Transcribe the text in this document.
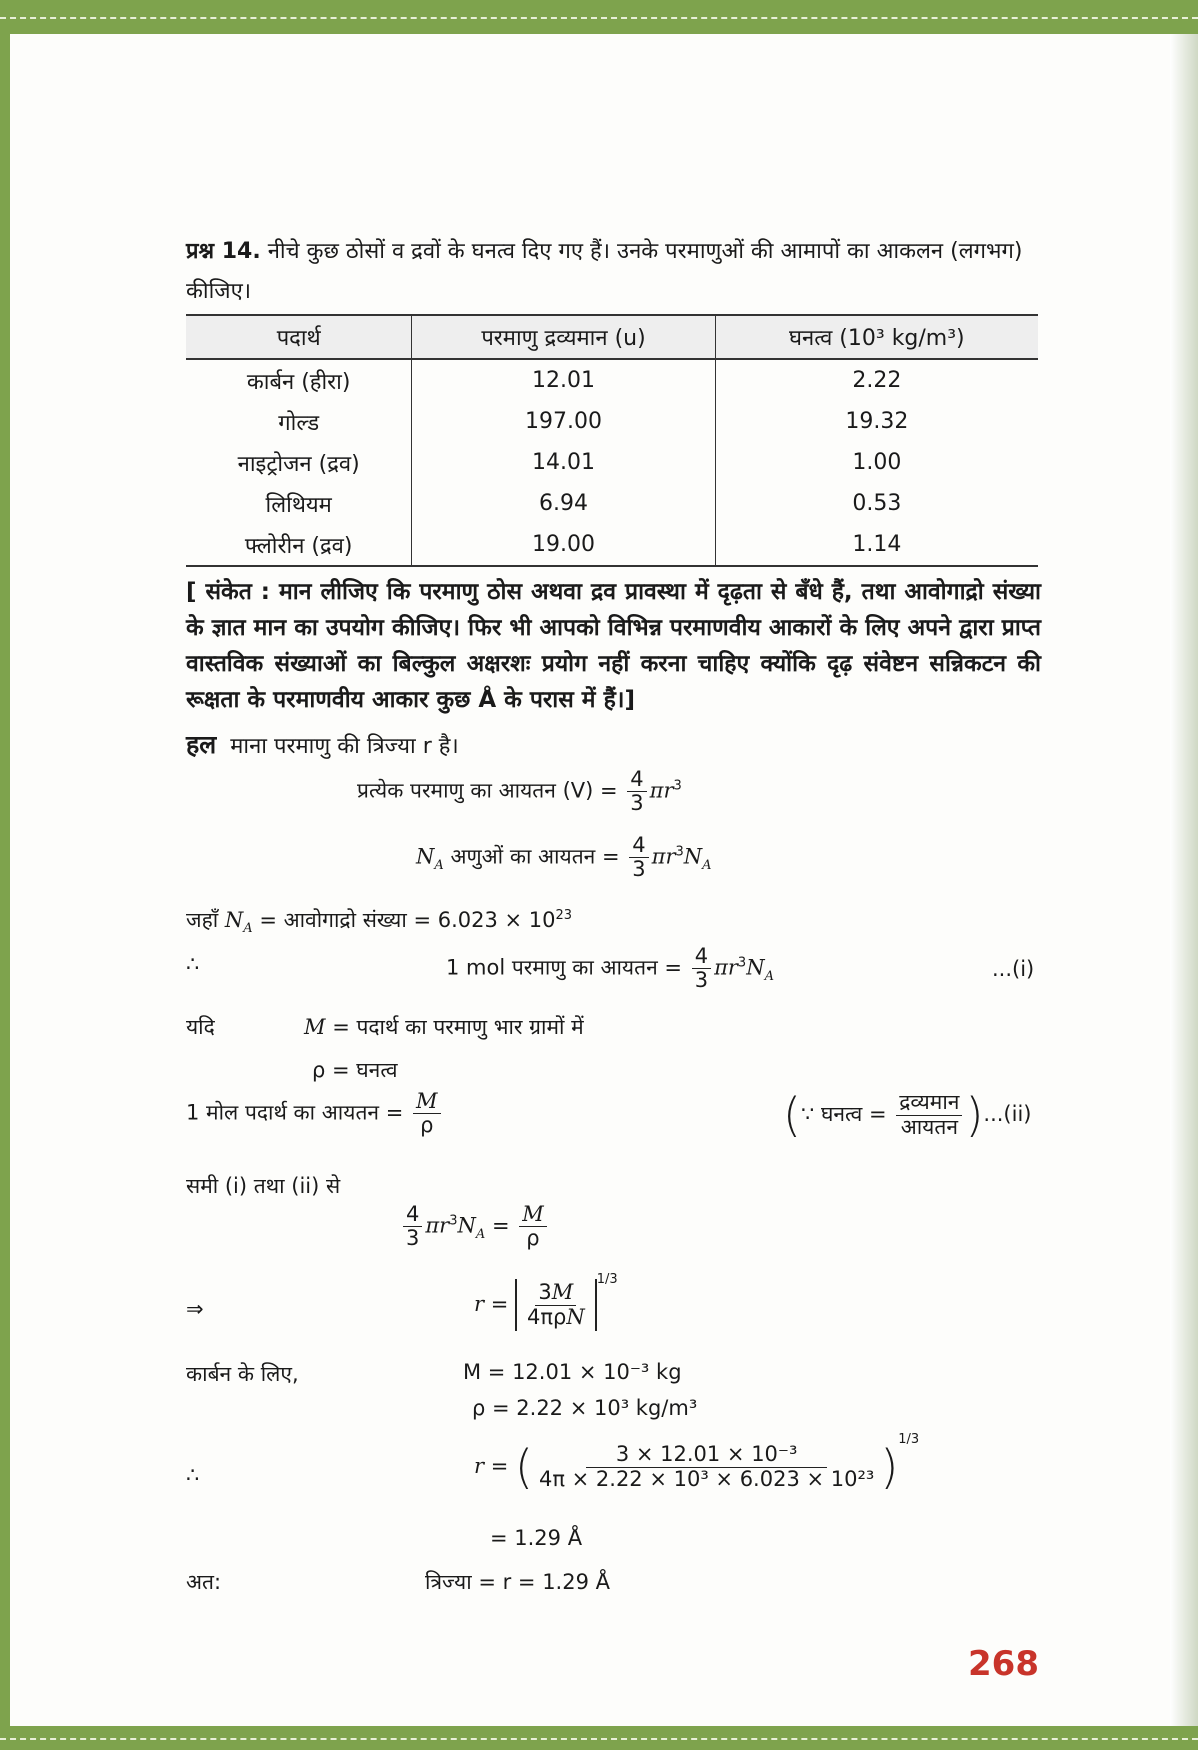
प्रश्न 14. नीचे कुछ ठोसों व द्रवों के घनत्व दिए गए हैं। उनके परमाणुओं की आमापों का आकलन (लगभग) कीजिए।
पदार्थ	परमाणु द्रव्यमान (u)	घनत्व (10³ kg/m³)
कार्बन (हीरा)	12.01	2.22
गोल्ड	197.00	19.32
नाइट्रोजन (द्रव)	14.01	1.00
लिथियम	6.94	0.53
फ्लोरीन (द्रव)	19.00	1.14
[ संकेत : मान लीजिए कि परमाणु ठोस अथवा द्रव प्रावस्था में दृढ़ता से बँधे हैं, तथा आवोगाद्रो संख्या के ज्ञात मान का उपयोग कीजिए। फिर भी आपको विभिन्न परमाणवीय आकारों के लिए अपने द्वारा प्राप्त वास्तविक संख्याओं का बिल्कुल अक्षरशः प्रयोग नहीं करना चाहिए क्योंकि दृढ़ संवेष्टन सन्निकटन की रूक्षता के परमाणवीय आकार कुछ Å के परास में हैं।]
हल माना परमाणु की त्रिज्या r है।
प्रत्येक परमाणु का आयतन $(V) = \frac{4}{3} \pi r^3$
$N_A$ अणुओं का आयतन = $\frac{4}{3} \pi r^3N_A$
जहाँ $N_A$ = आवोगाद्रो संख्या = $6.023 \times 10^{23}$
∴	1 mol परमाणु का आयतन = $\frac{4}{3} \pi r^3N_A$	...(i)
यदि	M = पदार्थ का परमाणु भार ग्रामों में
ρ = घनत्व
1 मोल पदार्थ का आयतन = $\frac{M}{\rho}$	(∵ घनत्व = $\frac{\text{द्रव्यमान}}{\text{आयतन}} )...(ii)$
समी (i) तथा (ii) से
$\frac{4}{3} \pi r^3N_A = \frac{M}{\rho}$
⇒	$r = \frac{3M}{\text{4πρN}}$
$^{1/3}$
कार्बन के लिए,	M = 12.01 × 10⁻³ kg
ρ = 2.22 × 10³ kg/m³
∴	r = ( $\frac{\text{3 × 12.01 × 10⁻³}}{\text{4π × 2.22 × 10³ × 6.023 × 10²³}} )^{1/3}$
= 1.29 Å
अत:	त्रिज्या = r = 1.29 Å
268
